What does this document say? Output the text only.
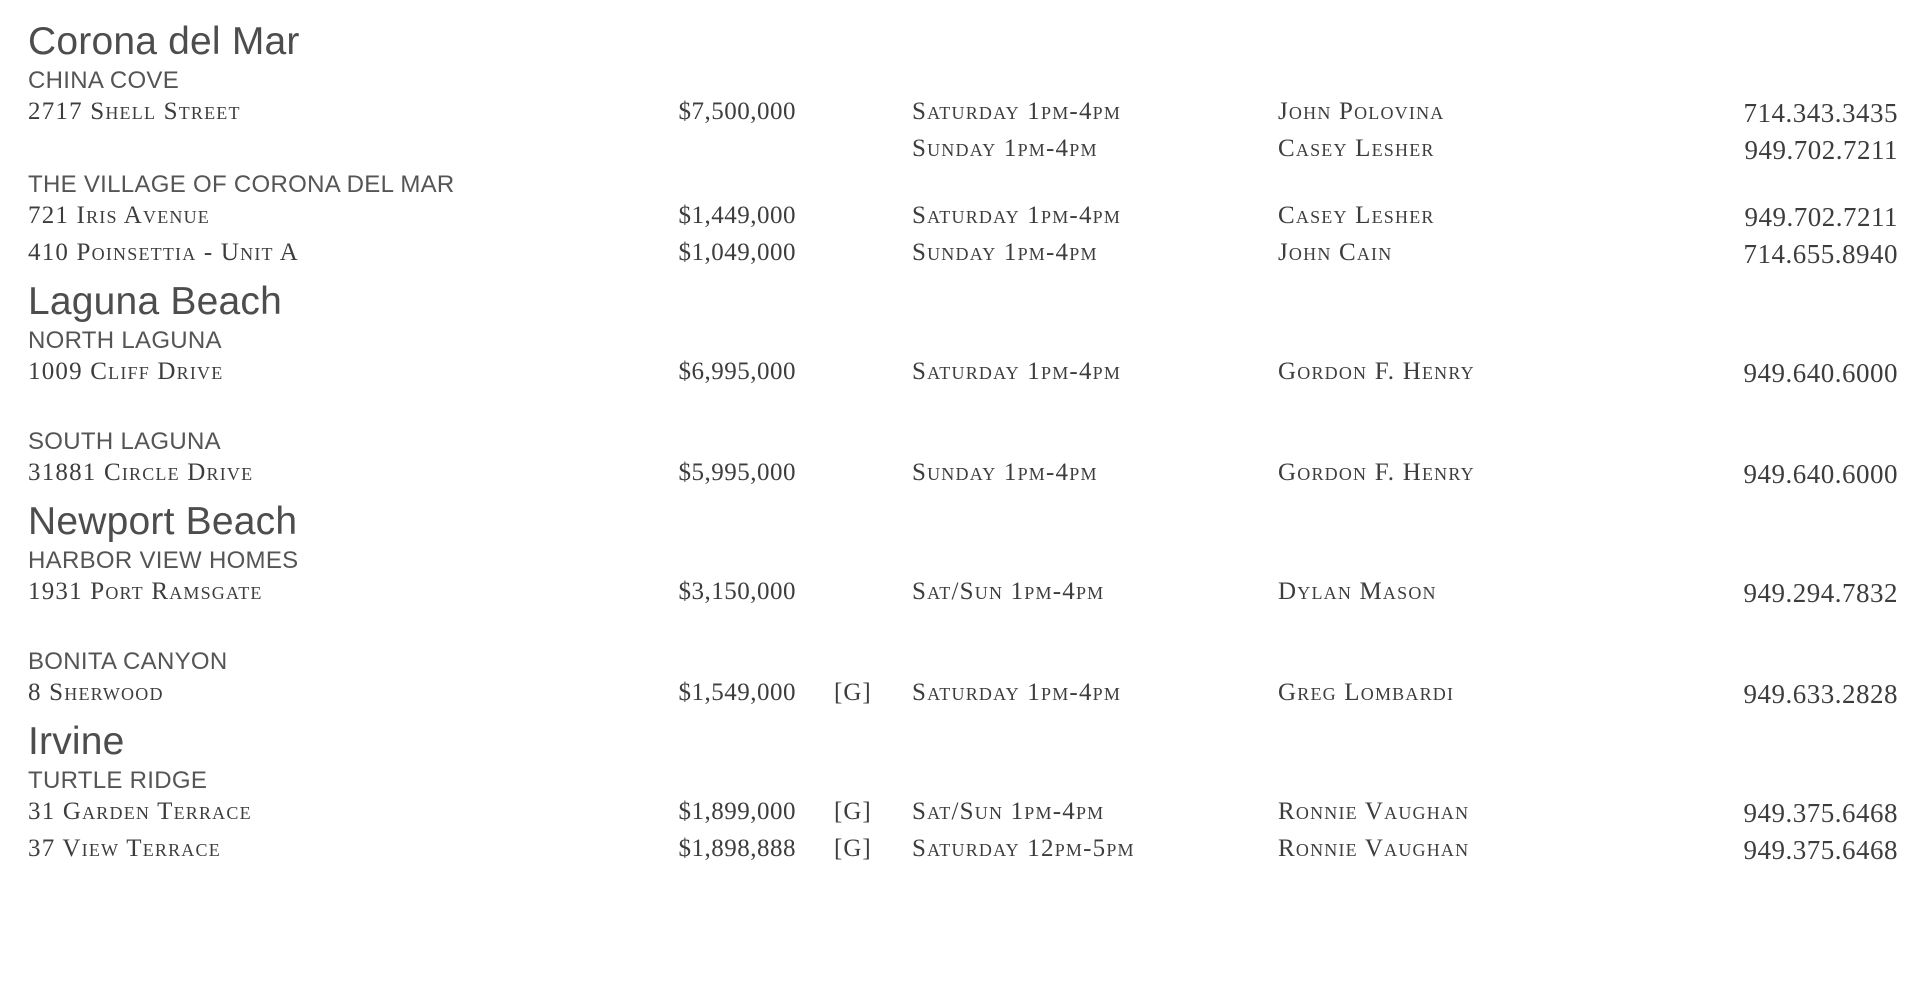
Corona del Mar
CHINA COVE
2717 Shell Street	$7,500,000	Saturday 1pm-4pm	John Polovina	714.343.3435
Sunday 1pm-4pm	Casey Lesher	949.702.7211
THE VILLAGE OF CORONA DEL MAR
721 Iris Avenue	$1,449,000	Saturday 1pm-4pm	Casey Lesher	949.702.7211
410 Poinsettia - Unit A	$1,049,000	Sunday 1pm-4pm	John Cain	714.655.8940
Laguna Beach
NORTH LAGUNA
1009 Cliff Drive	$6,995,000	Saturday 1pm-4pm	Gordon F. Henry	949.640.6000
SOUTH LAGUNA
31881 Circle Drive	$5,995,000	Sunday 1pm-4pm	Gordon F. Henry	949.640.6000
Newport Beach
HARBOR VIEW HOMES
1931 Port Ramsgate	$3,150,000	Sat/Sun 1pm-4pm	Dylan Mason	949.294.7832
BONITA CANYON
8 Sherwood	$1,549,000 [G] Saturday 1pm-4pm	Greg Lombardi	949.633.2828
Irvine
TURTLE RIDGE
31 Garden Terrace	$1,899,000 [G] Sat/Sun 1pm-4pm	Ronnie Vaughan	949.375.6468
37 View Terrace	$1,898,888 [G] Saturday 12pm-5pm	Ronnie Vaughan	949.375.6468
